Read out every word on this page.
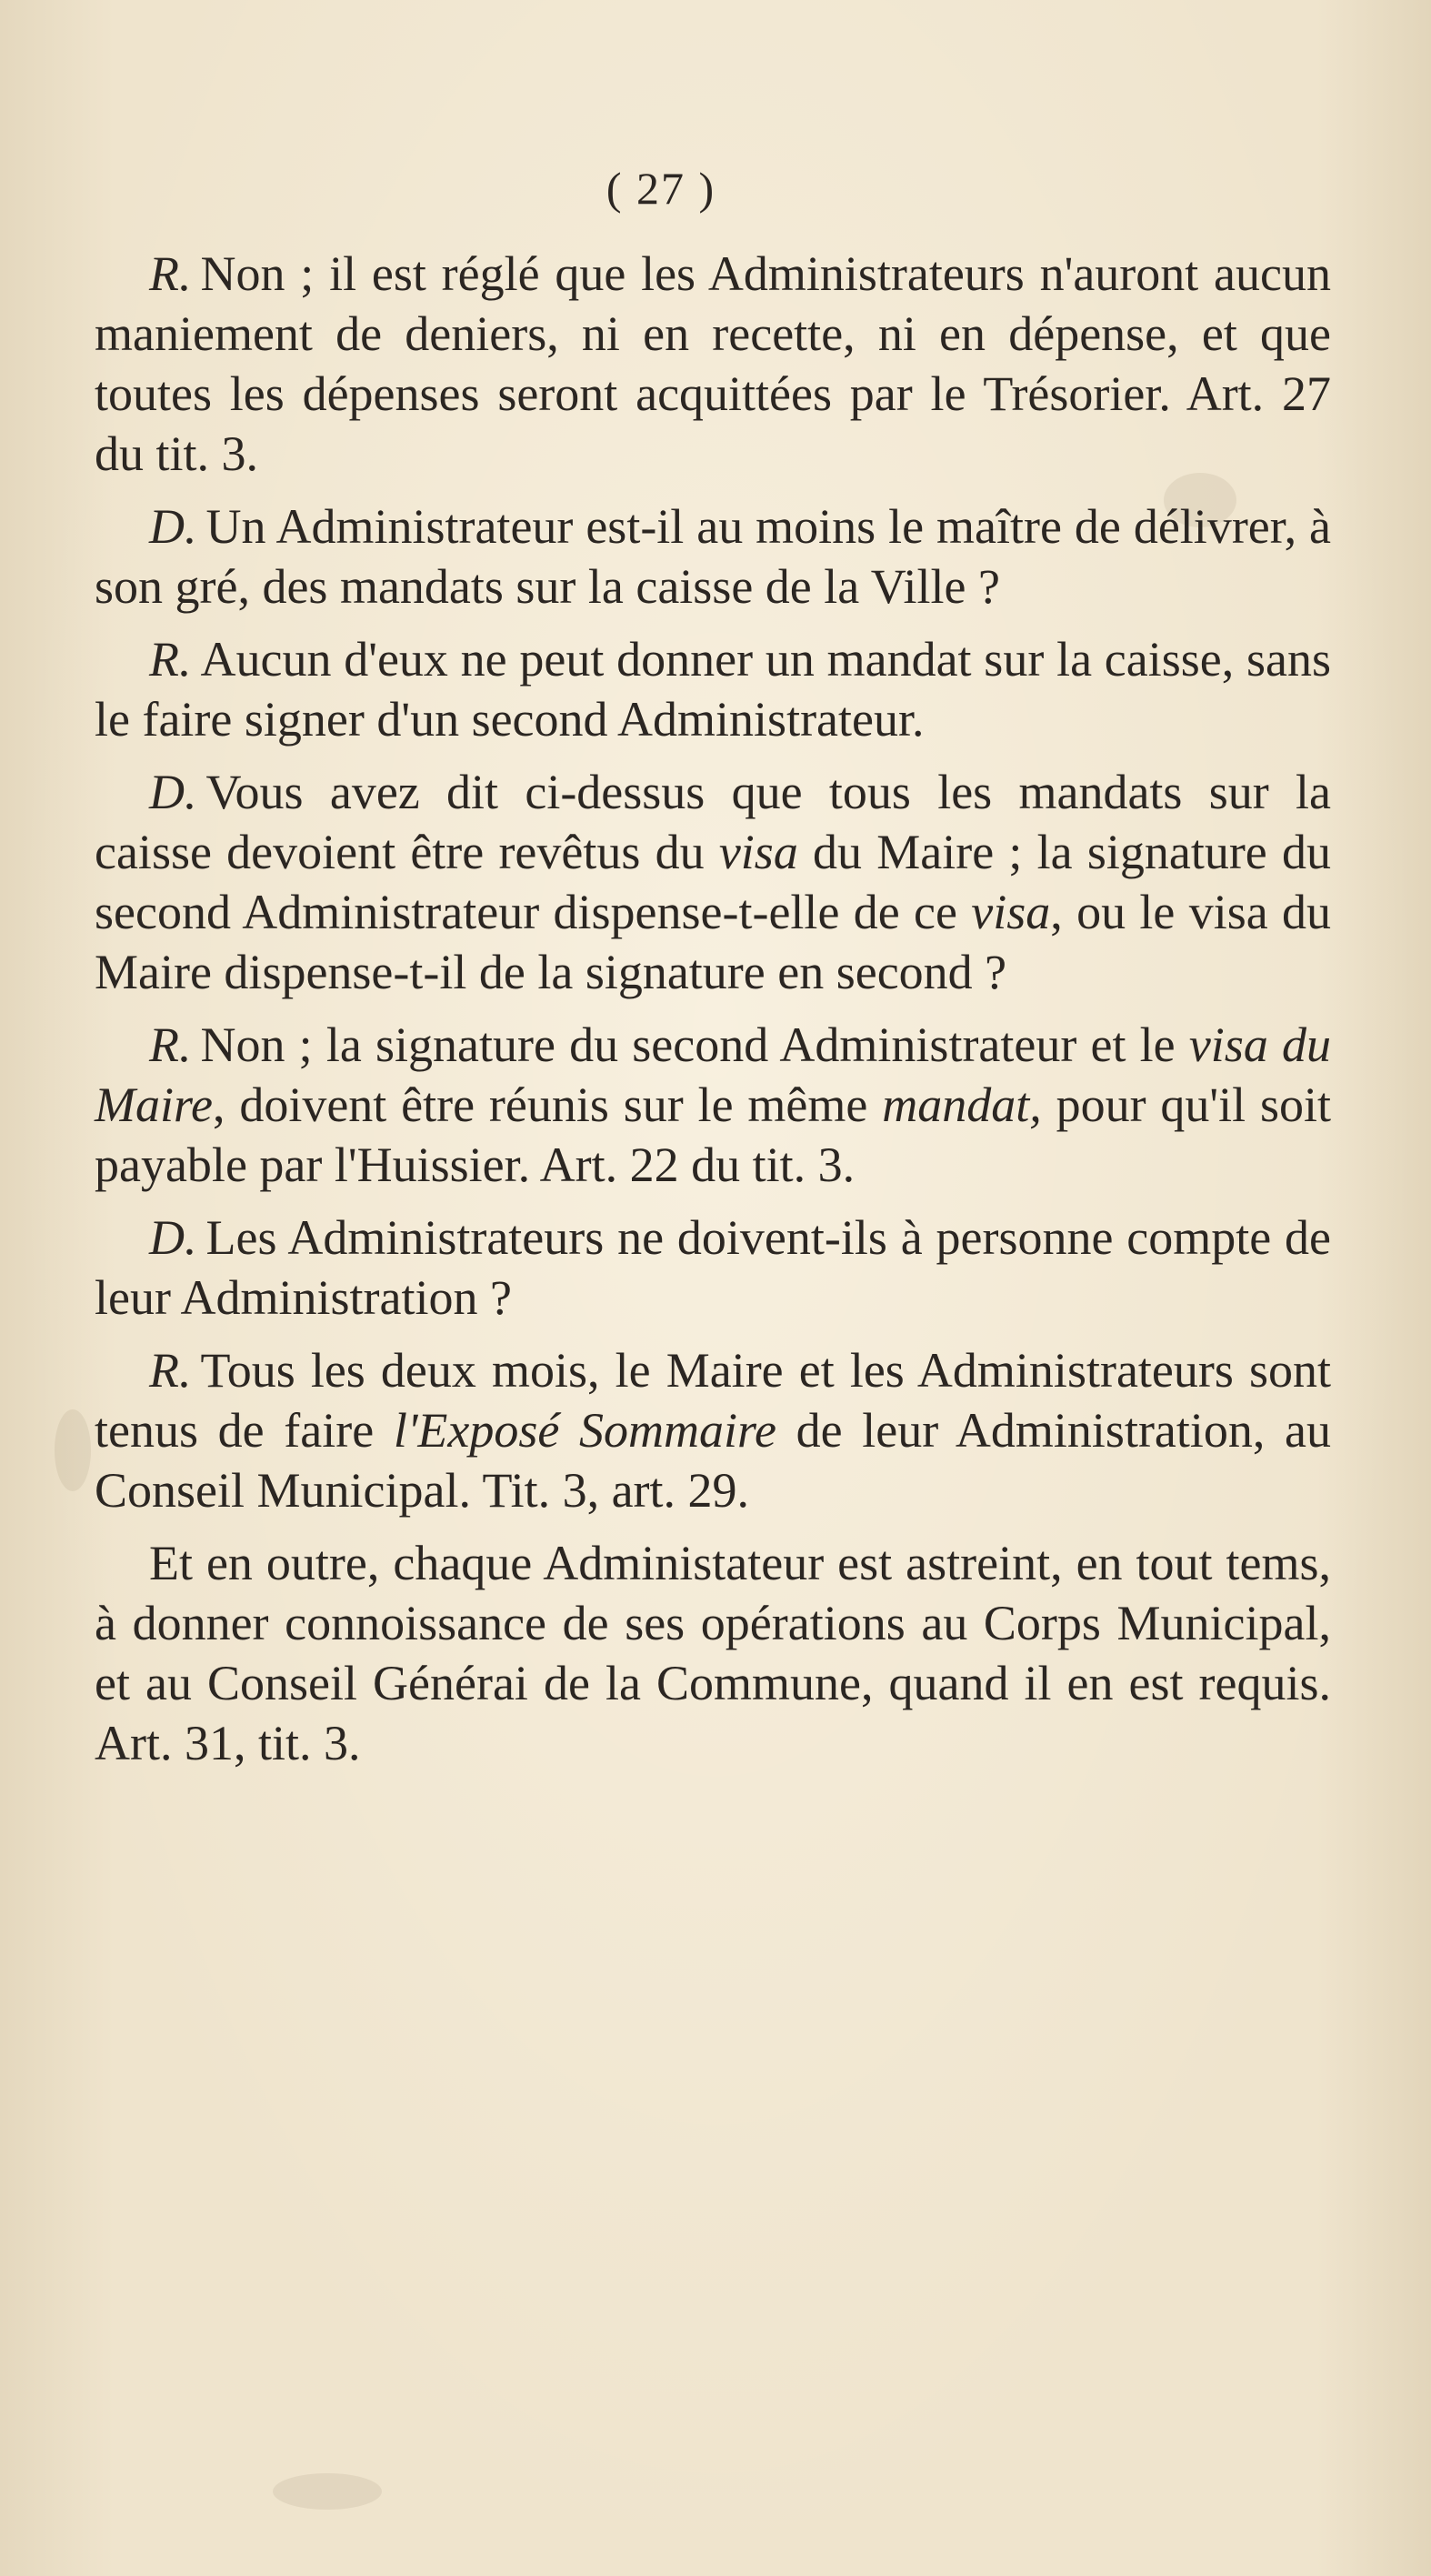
( 27 )

R. Non ; il est réglé que les Administrateurs n'auront aucun maniement de deniers, ni en recette, ni en dépense, et que toutes les dépenses seront acquittées par le Trésorier. Art. 27 du tit. 3.

D. Un Administrateur est-il au moins le maître de délivrer, à son gré, des mandats sur la caisse de la Ville ?

R. Aucun d'eux ne peut donner un mandat sur la caisse, sans le faire signer d'un second Administrateur.

D. Vous avez dit ci-dessus que tous les mandats sur la caisse devoient être revêtus du visa du Maire ; la signature du second Administrateur dispense-t-elle de ce visa, ou le visa du Maire dispense-t-il de la signature en second ?

R. Non ; la signature du second Administrateur et le visa du Maire, doivent être réunis sur le même mandat, pour qu'il soit payable par l'Huissier. Art. 22 du tit. 3.

D. Les Administrateurs ne doivent-ils à personne compte de leur Administration ?

R. Tous les deux mois, le Maire et les Administrateurs sont tenus de faire l'Exposé Sommaire de leur Administration, au Conseil Municipal. Tit. 3, art. 29.

Et en outre, chaque Administateur est astreint, en tout tems, à donner connoissance de ses opérations au Corps Municipal, et au Conseil Générai de la Commune, quand il en est requis. Art. 31, tit. 3.
